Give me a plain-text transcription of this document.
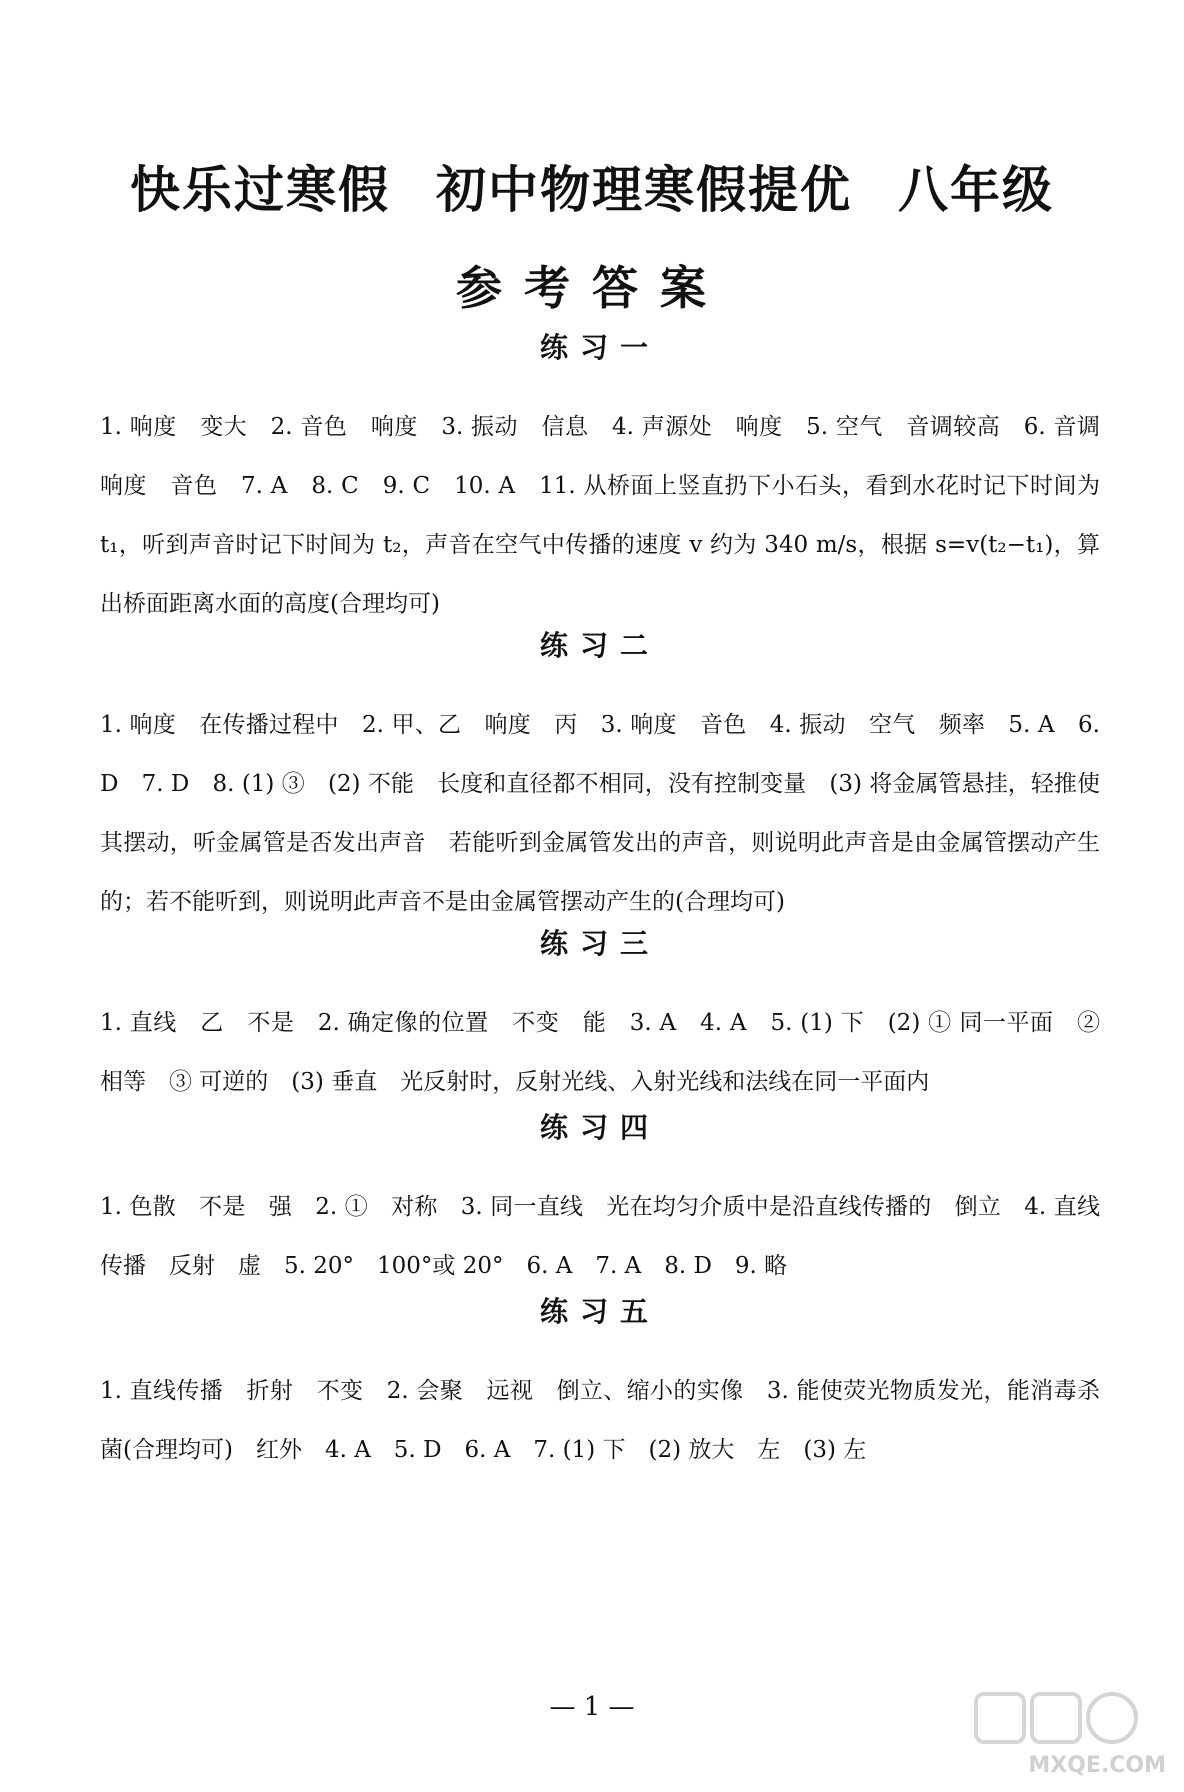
快乐过寒假 初中物理寒假提优 八年级
参考答案
练习一

1. 响度　变大　2. 音色　响度　3. 振动　信息　4. 声源处　响度　5. 空气　音调较高　6. 音调　响度　音色　7. A　8. C　9. C　10. A　11. 从桥面上竖直扔下小石头，看到水花时记下时间为 t₁，听到声音时记下时间为 t₂，声音在空气中传播的速度 v 约为 340 m/s，根据 s=v(t₂−t₁)，算出桥面距离水面的高度(合理均可)

练习二

1. 响度　在传播过程中　2. 甲、乙　响度　丙　3. 响度　音色　4. 振动　空气　频率　5. A　6. D　7. D　8. (1) ③　(2) 不能　长度和直径都不相同，没有控制变量　(3) 将金属管悬挂，轻推使其摆动，听金属管是否发出声音　若能听到金属管发出的声音，则说明此声音是由金属管摆动产生的；若不能听到，则说明此声音不是由金属管摆动产生的(合理均可)

练习三

1. 直线　乙　不是　2. 确定像的位置　不变　能　3. A　4. A　5. (1) 下　(2) ① 同一平面　② 相等　③ 可逆的　(3) 垂直　光反射时，反射光线、入射光线和法线在同一平面内

练习四

1. 色散　不是　强　2. ①　对称　3. 同一直线　光在均匀介质中是沿直线传播的　倒立　4. 直线传播　反射　虚　5. 20°　100°或 20°　6. A　7. A　8. D　9. 略

练习五

1. 直线传播　折射　不变　2. 会聚　远视　倒立、缩小的实像　3. 能使荧光物质发光，能消毒杀菌(合理均可)　红外　4. A　5. D　6. A　7. (1) 下　(2) 放大　左　(3) 左

— 1 —
MXQE.COM
